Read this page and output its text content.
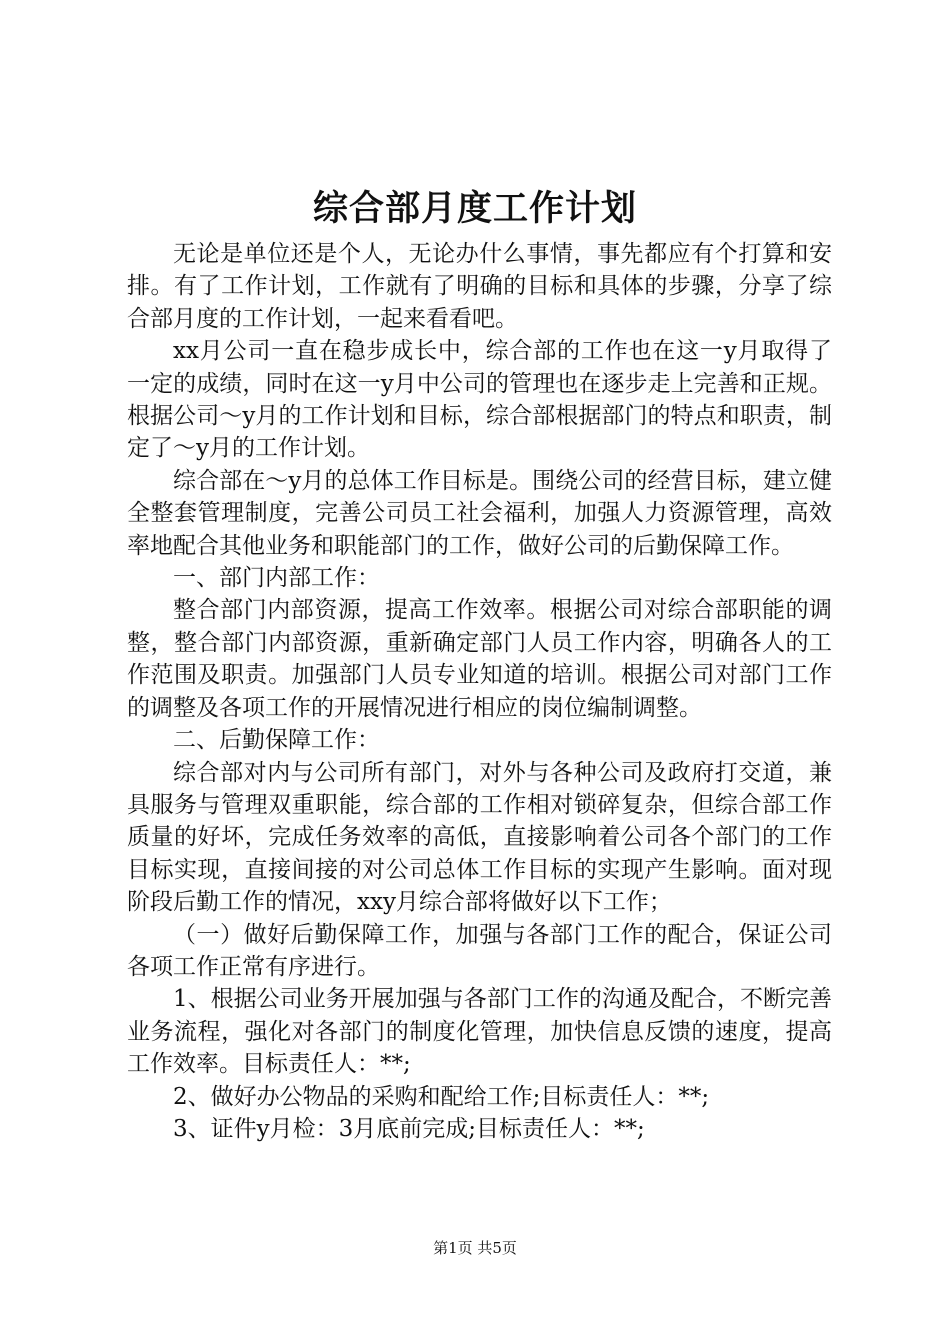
综合部月度工作计划

无论是单位还是个人，无论办什么事情，事先都应有个打算和安排。有了工作计划，工作就有了明确的目标和具体的步骤，分享了综合部月度的工作计划，一起来看看吧。

xx月公司一直在稳步成长中，综合部的工作也在这一y月取得了一定的成绩，同时在这一y月中公司的管理也在逐步走上完善和正规。根据公司～y月的工作计划和目标，综合部根据部门的特点和职责，制定了～y月的工作计划。

综合部在～y月的总体工作目标是。围绕公司的经营目标，建立健全整套管理制度，完善公司员工社会福利，加强人力资源管理，高效率地配合其他业务和职能部门的工作，做好公司的后勤保障工作。

一、部门内部工作：

整合部门内部资源，提高工作效率。根据公司对综合部职能的调整，整合部门内部资源，重新确定部门人员工作内容，明确各人的工作范围及职责。加强部门人员专业知道的培训。根据公司对部门工作的调整及各项工作的开展情况进行相应的岗位编制调整。

二、后勤保障工作：

综合部对内与公司所有部门，对外与各种公司及政府打交道，兼具服务与管理双重职能，综合部的工作相对锁碎复杂，但综合部工作质量的好坏，完成任务效率的高低，直接影响着公司各个部门的工作目标实现，直接间接的对公司总体工作目标的实现产生影响。面对现阶段后勤工作的情况，xxy月综合部将做好以下工作；

（一）做好后勤保障工作，加强与各部门工作的配合，保证公司各项工作正常有序进行。

1、根据公司业务开展加强与各部门工作的沟通及配合，不断完善业务流程，强化对各部门的制度化管理，加快信息反馈的速度，提高工作效率。目标责任人：**;

2、做好办公物品的采购和配给工作;目标责任人：**;

3、证件y月检：3月底前完成;目标责任人：**;

第1页 共5页
